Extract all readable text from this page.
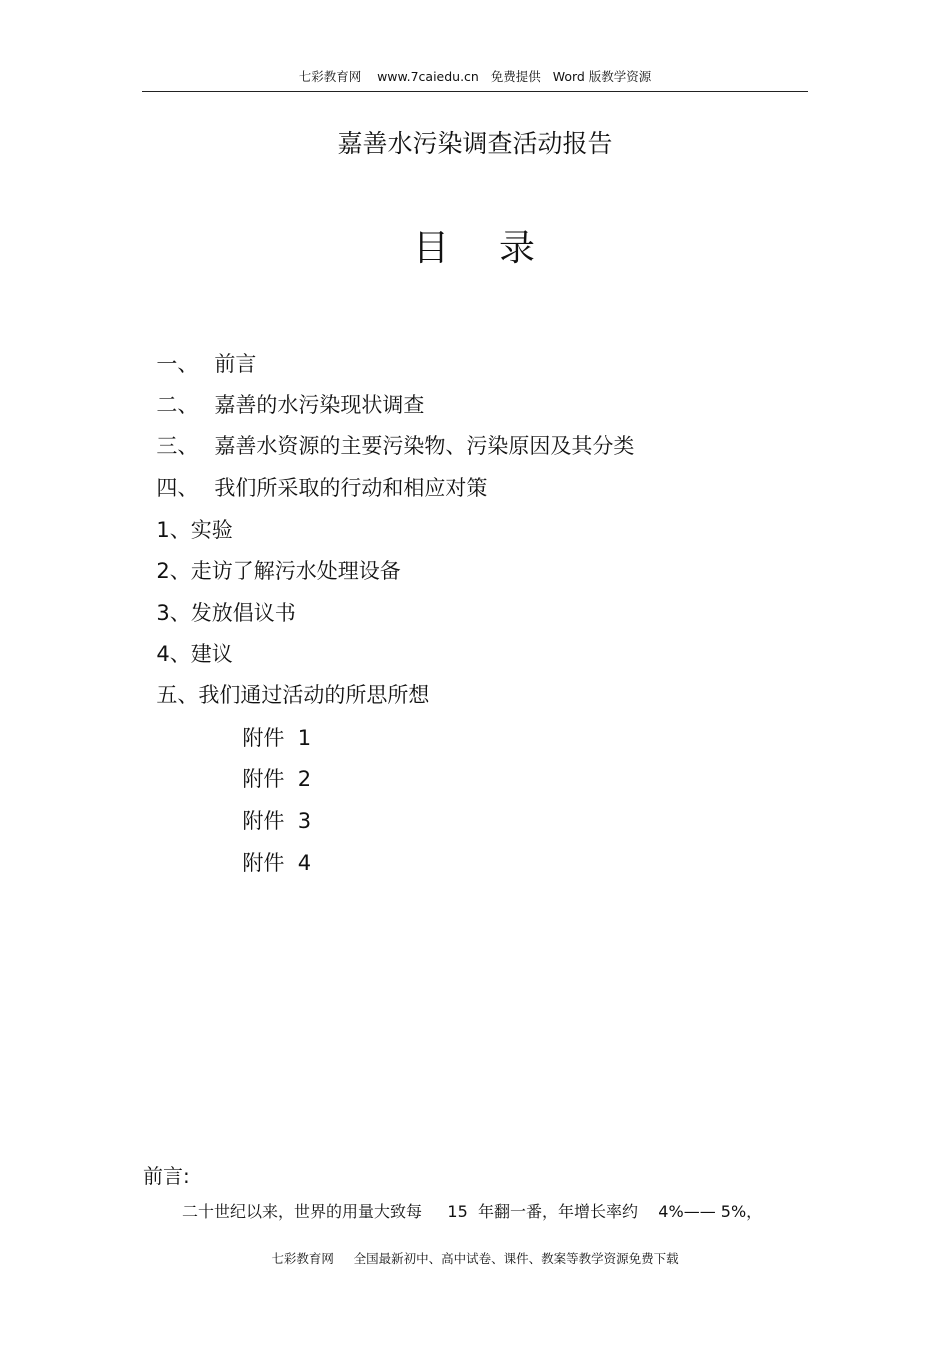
七彩教育网    www.7caiedu.cn   免费提供   Word 版教学资源
嘉善水污染调查活动报告
目 录

一、 前言

二、 嘉善的水污染现状调查

三、 嘉善水资源的主要污染物、污染原因及其分类

四、 我们所采取的行动和相应对策

1、实验

2、走访了解污水处理设备

3、发放倡议书

4、建议

五、我们通过活动的所思所想

附件  1

附件  2

附件  3

附件  4

前言:
二十世纪以来，世界的用量大致每     15  年翻一番，年增长率约    4%—— 5%，
七彩教育网     全国最新初中、高中试卷、课件、教案等教学资源免费下载
